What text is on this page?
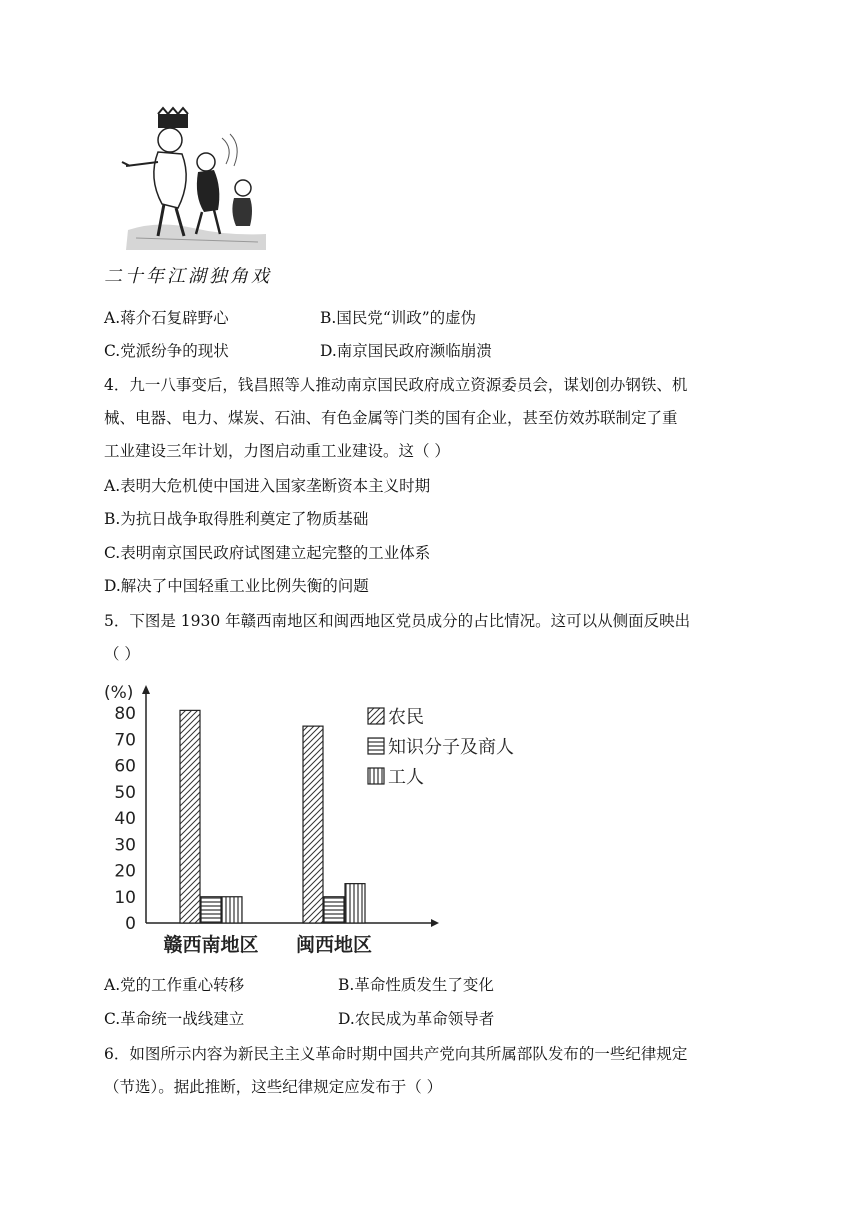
二十年江湖独角戏
A.蒋介石复辟野心	B.国民党“训政”的虚伪
C.党派纷争的现状	D.南京国民政府濒临崩溃
4．九一八事变后，钱昌照等人推动南京国民政府成立资源委员会，谋划创办钢铁、机
械、电器、电力、煤炭、石油、有色金属等门类的国有企业，甚至仿效苏联制定了重
工业建设三年计划，力图启动重工业建设。这（ ）
A.表明大危机使中国进入国家垄断资本主义时期
B.为抗日战争取得胜利奠定了物质基础
C.表明南京国民政府试图建立起完整的工业体系
D.解决了中国轻重工业比例失衡的问题
5．下图是 1930 年赣西南地区和闽西地区党员成分的占比情况。这可以从侧面反映出
（ ）
(%)
0
10
20
30
40
50
60
70
80
赣西南地区 闽西地区
农民
知识分子及商人
工人
A.党的工作重心转移	B.革命性质发生了变化
C.革命统一战线建立	D.农民成为革命领导者
6．如图所示内容为新民主主义革命时期中国共产党向其所属部队发布的一些纪律规定
（节选）。据此推断，这些纪律规定应发布于（ ）
